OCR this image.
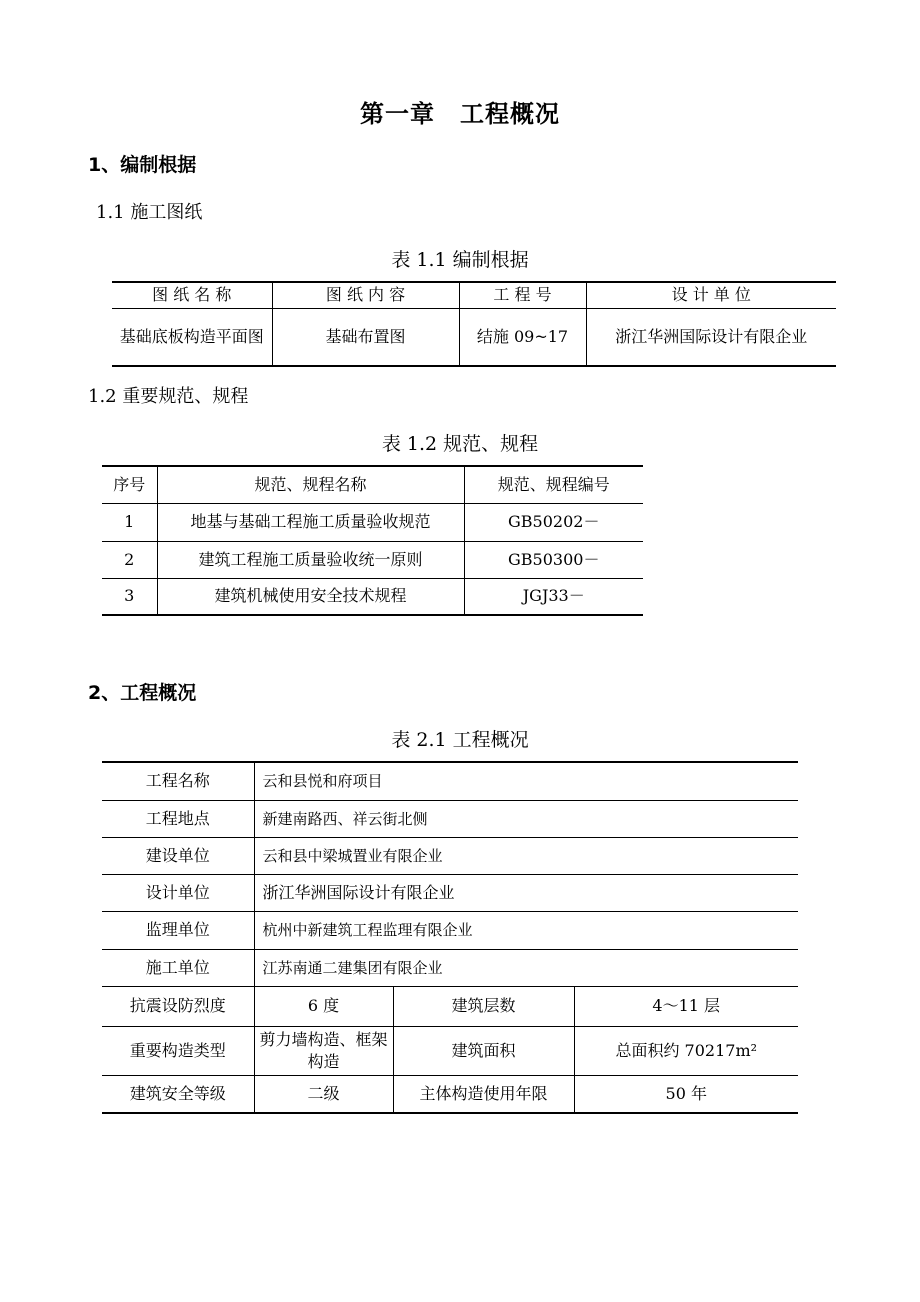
第一章　工程概况
1、编制根据
1.1 施工图纸
表 1.1 编制根据
图 纸 名 称	图 纸 内 容	工 程 号	设 计 单 位
基础底板构造平面图	基础布置图	结施 09~17	浙江华洲国际设计有限企业
1.2 重要规范、规程
表 1.2 规范、规程
序号	规范、规程名称	规范、规程编号
1	地基与基础工程施工质量验收规范	GB50202－
2	建筑工程施工质量验收统一原则	GB50300－
3	建筑机械使用安全技术规程	JGJ33－
2、工程概况
表 2.1 工程概况
工程名称	云和县悦和府项目		
工程地点	新建南路西、祥云街北侧		
建设单位	云和县中梁城置业有限企业		
设计单位	浙江华洲国际设计有限企业		
监理单位	杭州中新建筑工程监理有限企业		
施工单位	江苏南通二建集团有限企业		
抗震设防烈度	6 度	建筑层数	4～11 层
重要构造类型	剪力墙构造、框架构造	建筑面积	总面积约 70217m²
建筑安全等级	二级	主体构造使用年限	50 年
